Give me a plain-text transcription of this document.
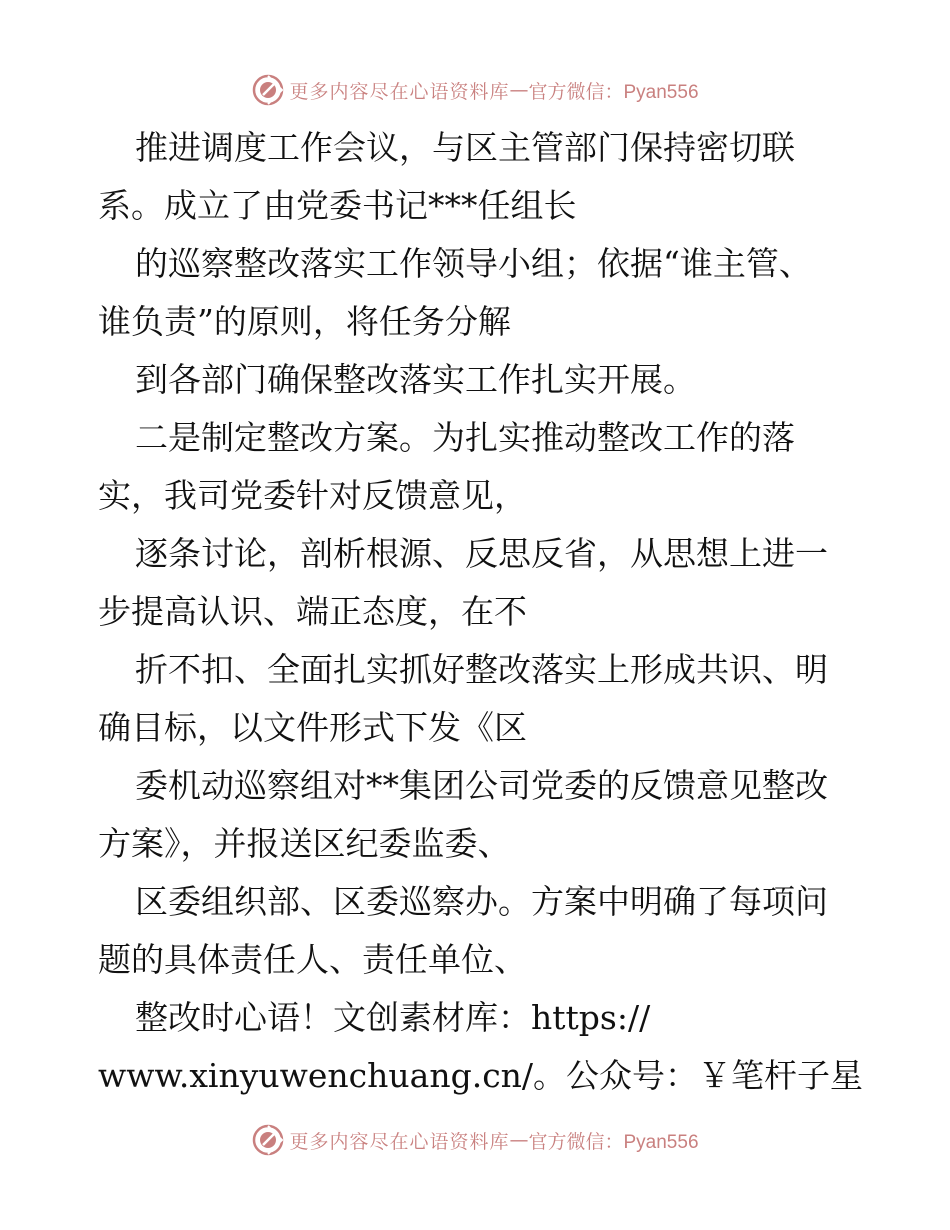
更多内容尽在心语资料库 — 官方微信：Pyan556
推进调度工作会议，与区主管部门保持密切联
系。成立了由党委书记***任组长
的巡察整改落实工作领导小组；依据“谁主管、
谁负责”的原则，将任务分解
到各部门确保整改落实工作扎实开展。
二是制定整改方案。为扎实推动整改工作的落
实，我司党委针对反馈意见，
逐条讨论，剖析根源、反思反省，从思想上进一
步提高认识、端正态度，在不
折不扣、全面扎实抓好整改落实上形成共识、明
确目标，以文件形式下发《区
委机动巡察组对**集团公司党委的反馈意见整改
方案》，并报送区纪委监委、
区委组织部、区委巡察办。方案中明确了每项问
题的具体责任人、责任单位、
整改时心语！文创素材库：https://
www.xinyuwenchuang.cn/。公众号：￥笔杆子星
更多内容尽在心语资料库 — 官方微信：Pyan556
